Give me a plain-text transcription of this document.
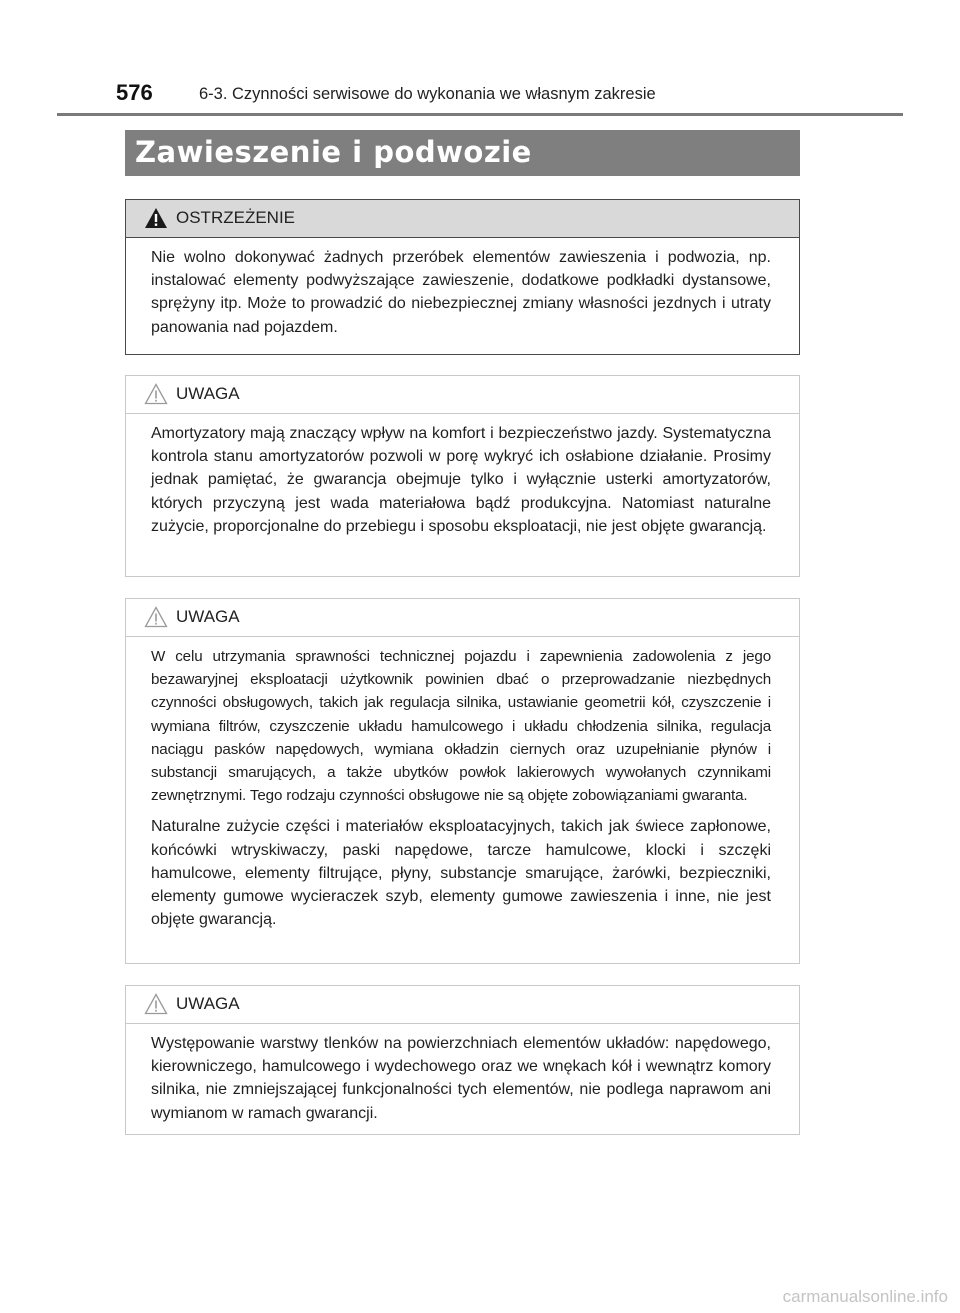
576	6-3. Czynności serwisowe do wykonania we własnym zakresie
Zawieszenie i podwozie
OSTRZEŻENIE

Nie wolno dokonywać żadnych przeróbek elementów zawieszenia i podwozia, np. instalować elementy podwyższające zawieszenie, dodatkowe podkładki dystansowe, sprężyny itp. Może to prowadzić do niebezpiecznej zmiany własności jezdnych i utraty panowania nad pojazdem.

UWAGA

Amortyzatory mają znaczący wpływ na komfort i bezpieczeństwo jazdy. Systematyczna kontrola stanu amortyzatorów pozwoli w porę wykryć ich osłabione działanie. Prosimy jednak pamiętać, że gwarancja obejmuje tylko i wyłącznie usterki amortyzatorów, których przyczyną jest wada materiałowa bądź produkcyjna. Natomiast naturalne zużycie, proporcjonalne do przebiegu i sposobu eksploatacji, nie jest objęte gwarancją.

UWAGA

W celu utrzymania sprawności technicznej pojazdu i zapewnienia zadowolenia z jego bezawaryjnej eksploatacji użytkownik powinien dbać o przeprowadzanie niezbędnych czynności obsługowych, takich jak regulacja silnika, ustawianie geometrii kół, czyszczenie i wymiana filtrów, czyszczenie układu hamulcowego i układu chłodzenia silnika, regulacja naciągu pasków napędowych, wymiana okładzin ciernych oraz uzupełnianie płynów i substancji smarujących, a także ubytków powłok lakierowych wywołanych czynnikami zewnętrznymi. Tego rodzaju czynności obsługowe nie są objęte zobowiązaniami gwaranta.

Naturalne zużycie części i materiałów eksploatacyjnych, takich jak świece zapłonowe, końcówki wtryskiwaczy, paski napędowe, tarcze hamulcowe, klocki i szczęki hamulcowe, elementy filtrujące, płyny, substancje smarujące, żarówki, bezpieczniki, elementy gumowe wycieraczek szyb, elementy gumowe zawieszenia i inne, nie jest objęte gwarancją.

UWAGA

Występowanie warstwy tlenków na powierzchniach elementów układów: napędowego, kierowniczego, hamulcowego i wydechowego oraz we wnękach kół i wewnątrz komory silnika, nie zmniejszającej funkcjonalności tych elementów, nie podlega naprawom ani wymianom w ramach gwarancji.

carmanualsonline.info
